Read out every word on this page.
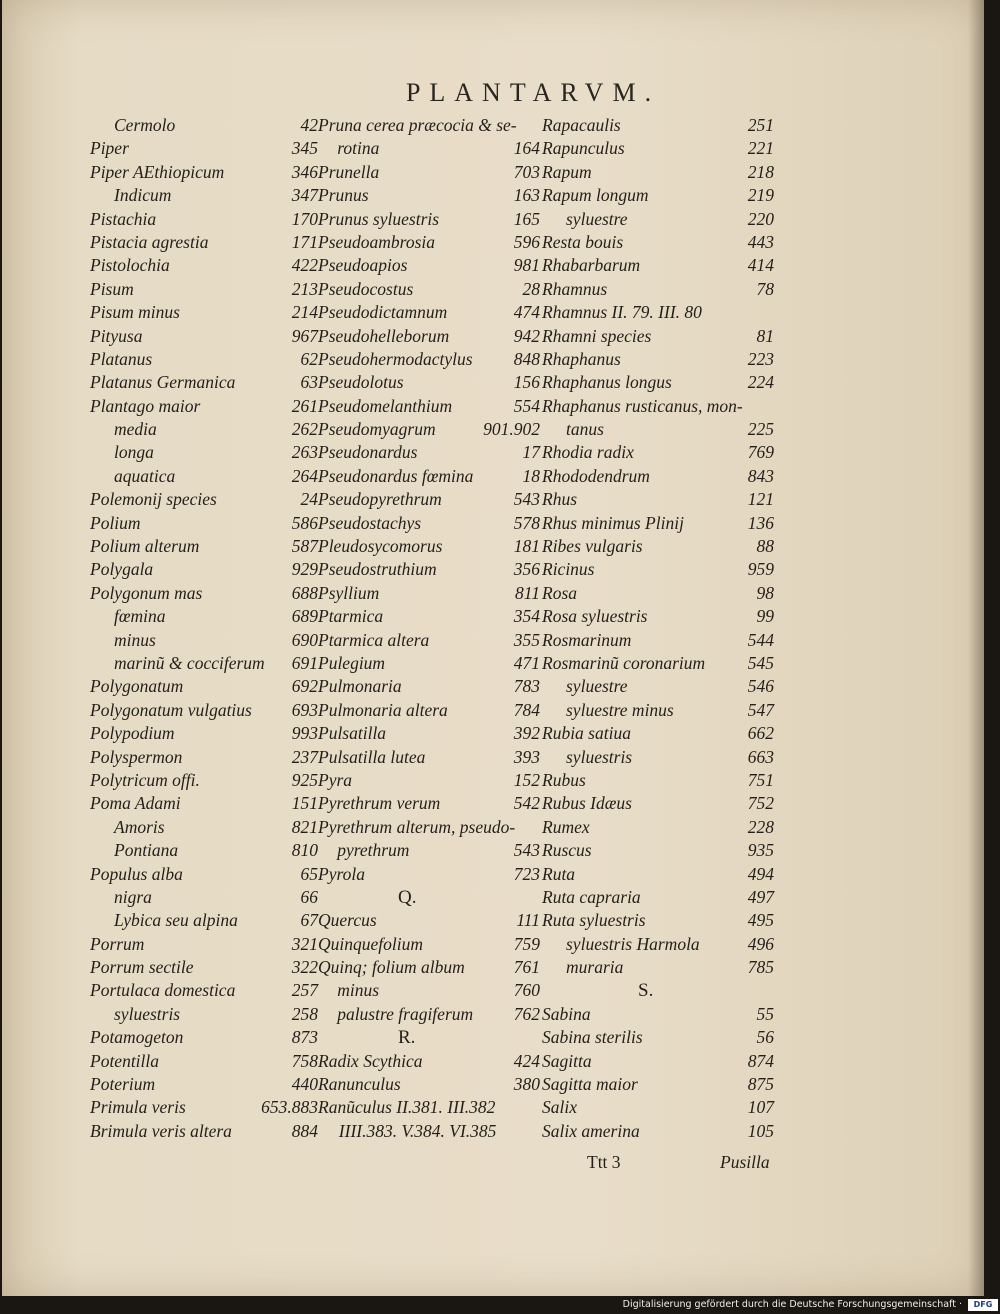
PLANTARVM.
Cermolo	42
Piper	345
Piper AEthiopicum	346
Indicum	347
Pistachia	170
Pistacia agrestia	171
Pistolochia	422
Pisum	213
Pisum minus	214
Pityusa	967
Platanus	62
Platanus Germanica	63
Plantago maior	261
media	262
longa	263
aquatica	264
Polemonij species	24
Polium	586
Polium alterum	587
Polygala	929
Polygonum mas	688
fœmina	689
minus	690
marinũ & cocciferum 691
Polygonatum	692
Polygonatum vulgatius 693
Polypodium	993
Polyspermon	237
Polytricum offi.	925
Poma Adami	151
Amoris	821
Pontiana	810
Populus alba	65
nigra	66
Lybica seu alpina	67
Porrum	321
Porrum sectile	322
Portulaca domestica	257
syluestris	258
Potamogeton	873
Potentilla	758
Poterium	440
Primula veris	653.883
Brimula veris altera	884
Pruna cerea præcocia & se-
rotina	164
Prunella	703
Prunus	163
Prunus syluestris	165
Pseudoambrosia	596
Pseudoapios	981
Pseudocostus	28
Pseudodictamnum	474
Pseudohelleborum	942
Pseudohermodactylus 848
Pseudolotus	156
Pseudomelanthium	554
Pseudomyagrum	901.902
Pseudonardus	17
Pseudonardus fœmina	18
Pseudopyrethrum	543
Pseudostachys	578
Pleudosycomorus	181
Pseudostruthium	356
Psyllium	811
Ptarmica	354
Ptarmica altera	355
Pulegium	471
Pulmonaria	783
Pulmonaria altera	784
Pulsatilla	392
Pulsatilla lutea	393
Pyra	152
Pyrethrum verum	542
Pyrethrum alterum, pseudo-
pyrethrum	543
Pyrola	723
Q.
Quercus	111
Quinquefolium	759
Quinq; folium album	761
minus	760
palustre fragiferum 762
R.
Radix Scythica	424
Ranunculus	380
Ranũculus II.381. III.382
IIII.383. V.384. VI.385
Rapacaulis	251
Rapunculus	221
Rapum	218
Rapum longum	219
syluestre	220
Resta bouis	443
Rhabarbarum	414
Rhamnus	78
Rhamnus II. 79. III. 80
Rhamni species	81
Rhaphanus	223
Rhaphanus longus	224
Rhaphanus rusticanus, mon-
tanus	225
Rhodia radix	769
Rhododendrum	843
Rhus	121
Rhus minimus Plinij	136
Ribes vulgaris	88
Ricinus	959
Rosa	98
Rosa syluestris	99
Rosmarinum	544
Rosmarinũ coronarium 545
syluestre	546
syluestre minus	547
Rubia satiua	662
syluestris	663
Rubus	751
Rubus Idæus	752
Rumex	228
Ruscus	935
Ruta	494
Ruta capraria	497
Ruta syluestris	495
syluestris Harmola	496
muraria	785
S.
Sabina	55
Sabina sterilis	56
Sagitta	874
Sagitta maior	875
Salix	107
Salix amerina	105
Ttt 3	Pusilla
Digitalisierung gefördert durch die Deutsche Forschungsgemeinschaft ·	DFG
